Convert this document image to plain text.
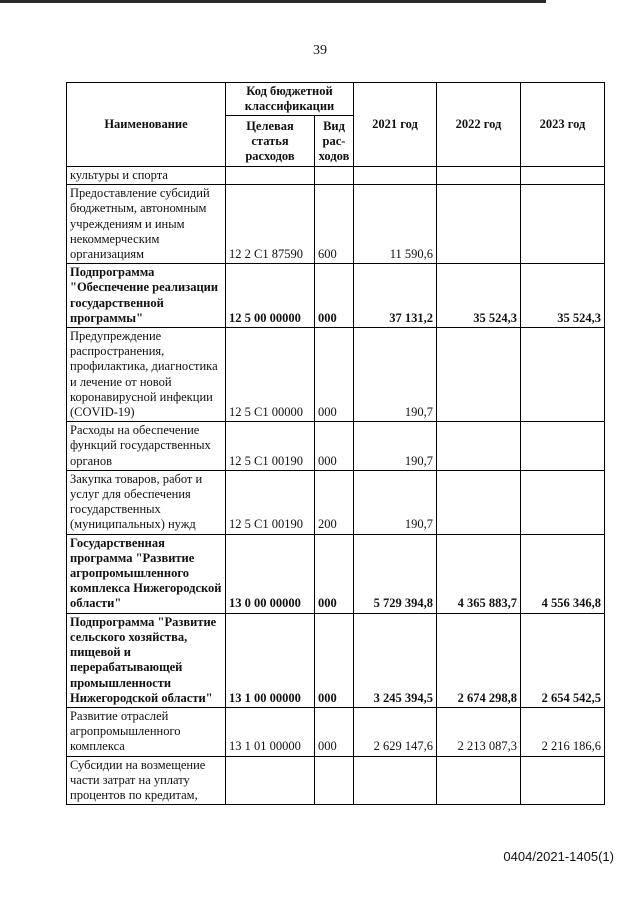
39
Наименование	Код бюджетной классификации		2021 год	2022 год	2023 год
	Целевая статья расходов	Вид рас-ходов			
культуры и спорта					
Предоставление субсидий бюджетным, автономным учреждениям и иным некоммерческим организациям	12 2 C1 87590	600	11 590,6		
Подпрограмма "Обеспечение реализации государственной программы"	12 5 00 00000	000	37 131,2	35 524,3	35 524,3
Предупреждение распространения, профилактика, диагностика и лечение от новой коронавирусной инфекции (COVID-19)	12 5 C1 00000	000	190,7		
Расходы на обеспечение функций государственных органов	12 5 C1 00190	000	190,7		
Закупка товаров, работ и услуг для обеспечения государственных (муниципальных) нужд	12 5 C1 00190	200	190,7		
Государственная программа "Развитие агропромышленного комплекса Нижегородской области"	13 0 00 00000	000	5 729 394,8	4 365 883,7	4 556 346,8
Подпрограмма "Развитие сельского хозяйства, пищевой и перерабатывающей промышленности Нижегородской области"	13 1 00 00000	000	3 245 394,5	2 674 298,8	2 654 542,5
Развитие отраслей агропромышленного комплекса	13 1 01 00000	000	2 629 147,6	2 213 087,3	2 216 186,6
Субсидии на возмещение части затрат на уплату процентов по кредитам,					
0404/2021-1405(1)
